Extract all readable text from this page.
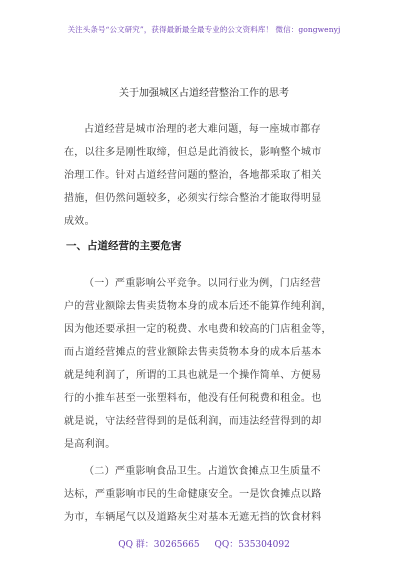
关注头条号“公文研究”，获得最新最全最专业的公文资料库！ 微信：gongwenyj
关于加强城区占道经营整治工作的思考
占道经营是城市治理的老大难问题，每一座城市都存
在，以往多是刚性取缔，但总是此消彼长，影响整个城市
治理工作。针对占道经营问题的整治，各地都采取了相关
措施，但仍然问题较多，必须实行综合整治才能取得明显
成效。
一、占道经营的主要危害
（一）严重影响公平竞争。以同行业为例，门店经营
户的营业额除去售卖货物本身的成本后还不能算作纯利润，
因为他还要承担一定的税费、水电费和较高的门店租金等，
而占道经营摊点的营业额除去售卖货物本身的成本后基本
就是纯利润了，所谓的工具也就是一个操作简单、方便易
行的小推车甚至一张塑料布，他没有任何税费和租金。也
就是说，守法经营得到的是低利润，而违法经营得到的却
是高利润。
（二）严重影响食品卫生。占道饮食摊点卫生质量不
达标，严重影响市民的生命健康安全。一是饮食摊点以路
为市，车辆尾气以及道路灰尘对基本无遮无挡的饮食材料
QQ 群：30265665 QQ：535304092
